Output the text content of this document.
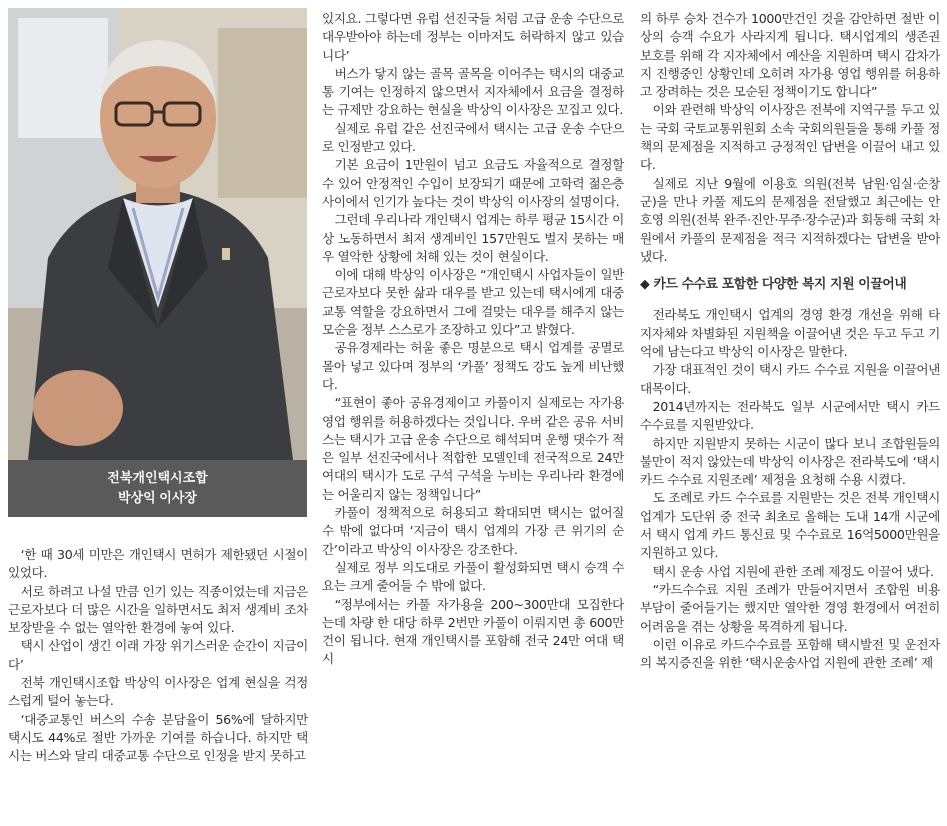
전북개인택시조합
박상익 이사장

‘한 때 30세 미만은 개인택시 면허가 제한됐던 시절이 있었다.

서로 하려고 나설 만큼 인기 있는 직종이었는데 지금은 근로자보다 더 많은 시간을 일하면서도 최저 생계비 조차 보장받을 수 없는 열악한 환경에 놓여 있다.

택시 산업이 생긴 이래 가장 위기스러운 순간이 지금이다’

전북 개인택시조합 박상익 이사장은 업계 현실을 걱정스럽게 털어 놓는다.

‘대중교통인 버스의 수송 분담율이 56%에 달하지만 택시도 44%로 절반 가까운 기여를 하습니다. 하지만 택시는 버스와 달리 대중교통 수단으로 인정을 받지 못하고

있지요. 그렇다면 유럽 선진국들 처럼 고급 운송 수단으로 대우받아야 하는데 정부는 이마저도 허락하지 않고 있습니다’

버스가 닿지 않는 골목 골목을 이어주는 택시의 대중교통 기여는 인정하지 않으면서 지자체에서 요금을 결정하는 규제만 강요하는 현실을 박상익 이사장은 꼬집고 있다.

실제로 유럽 같은 선진국에서 택시는 고급 운송 수단으로 인정받고 있다.

기본 요금이 1만원이 넘고 요금도 자율적으로 결정할 수 있어 안정적인 수입이 보장되기 때문에 고학력 젊은층 사이에서 인기가 높다는 것이 박상익 이사장의 설명이다.

그런데 우리나라 개인택시 업계는 하루 평균 15시간 이상 노동하면서 최저 생계비인 157만원도 벌지 못하는 매우 열악한 상황에 처해 있는 것이 현실이다.

이에 대해 박상익 이사장은 “개인택시 사업자들이 일반 근로자보다 못한 삶과 대우를 받고 있는데 택시에게 대중교통 역할을 강요하면서 그에 걸맞는 대우를 해주지 않는 모순을 정부 스스로가 조장하고 있다”고 밝혔다.

공유경제라는 허울 좋은 명분으로 택시 업계를 공멸로 몰아 넣고 있다며 정부의 ‘카풀’ 정책도 강도 높게 비난했다.

“표현이 좋아 공유경제이고 카풀이지 실제로는 자가용 영업 행위를 허용하겠다는 것입니다. 우버 같은 공유 서비스는 택시가 고급 운송 수단으로 해석되며 운행 댓수가 적은 일부 선진국에서나 적합한 모델인데 전국적으로 24만 여대의 택시가 도로 구석 구석을 누비는 우리나라 환경에는 어울리지 않는 정책입니다”

카풀이 정책적으로 허용되고 확대되면 택시는 없어질 수 밖에 없다며 ‘지금이 택시 업계의 가장 큰 위기의 순간’이라고 박상익 이사장은 강조한다.

실제로 정부 의도대로 카풀이 활성화되면 택시 승객 수요는 크게 줄어들 수 밖에 없다.

“정부에서는 카풀 자가용을 200~300만대 모집한다는데 차량 한 대당 하루 2번만 카풀이 이뤄지면 총 600만건이 됩니다. 현재 개인택시를 포함해 전국 24만 여대 택시

의 하루 승차 건수가 1000만건인 것을 감안하면 절반 이상의 승객 수요가 사라지게 됩니다. 택시업계의 생존권 보호를 위해 각 지자체에서 예산을 지원하며 택시 감차가 지 진행중인 상황인데 오히려 자가용 영업 행위를 허용하고 장려하는 것은 모순된 정책이기도 합니다”

이와 관련해 박상익 이사장은 전북에 지역구를 두고 있는 국회 국토교통위원회 소속 국회의원들을 통해 카풀 정책의 문제점을 지적하고 긍정적인 답변을 이끌어 내고 있다.

실제로 지난 9월에 이용호 의원(전북 남원·임실·순창군)을 만나 카풀 제도의 문제점을 전달했고 최근에는 안호영 의원(전북 완주·진안·무주·장수군)과 회동해 국회 차원에서 카풀의 문제점을 적극 지적하겠다는 답변을 받아냈다.

◆ 카드 수수료 포함한 다양한 복지 지원 이끌어내

전라북도 개인택시 업계의 경영 환경 개선을 위해 타 지자체와 차별화된 지원책을 이끌어낸 것은 두고 두고 기억에 남는다고 박상익 이사장은 말한다.

가장 대표적인 것이 택시 카드 수수료 지원을 이끌어낸 대목이다.

2014년까지는 전라북도 일부 시군에서만 택시 카드 수수료를 지원받았다.

하지만 지원받지 못하는 시군이 많다 보니 조합원들의 불만이 적지 않았는데 박상익 이사장은 전라북도에 ‘택시 카드 수수료 지원조례’ 제정을 요청해 수용 시켰다.

도 조례로 카드 수수료를 지원받는 것은 전북 개인택시 업계가 도단위 중 전국 최초로 올해는 도내 14개 시군에서 택시 업계 카드 통신료 및 수수료로 16억5000만원을 지원하고 있다.

택시 운송 사업 지원에 관한 조례 제정도 이끌어 냈다.

“카드수수료 지원 조례가 만들어지면서 조합원 비용 부담이 줄어들기는 했지만 열악한 경영 환경에서 여전히 어려움을 겪는 상황을 목격하게 됩니다.

이런 이유로 카드수수료를 포함해 택시발전 및 운전자의 복지증진을 위한 ‘택시운송사업 지원에 관한 조례’ 제
